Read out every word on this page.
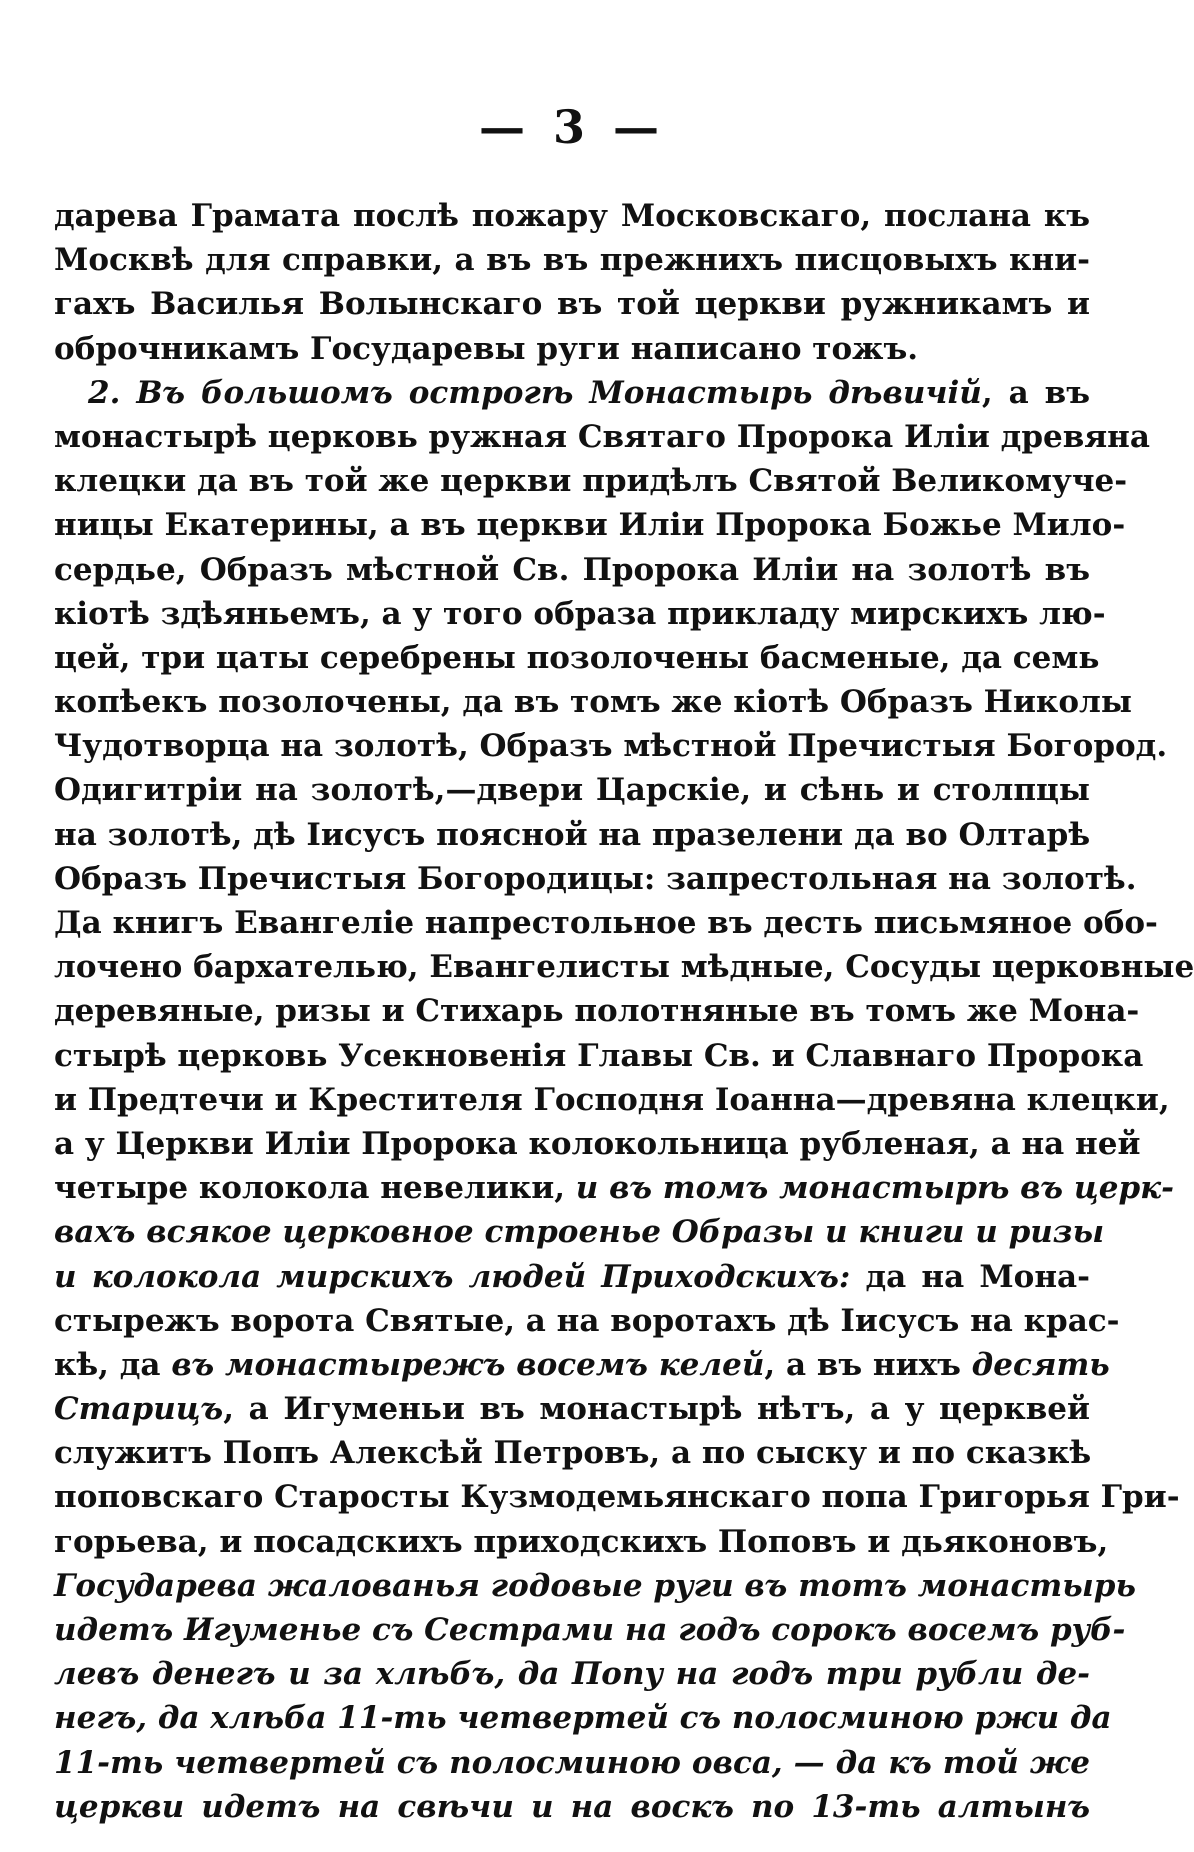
— 3 —
дарева Грамата послѣ пожару Московскаго, послана къ
Москвѣ для справки, а въ въ прежнихъ писцовыхъ кни-
гахъ Василья Волынскаго въ той церкви ружникамъ и
оброчникамъ Государевы руги написано тожъ.
2. Въ большомъ острогѣ Монастырь дѣвичiй, а въ
монастырѣ церковь ружная Святаго Пророка Илiи древяна
клецки да въ той же церкви придѣлъ Святой Великомуче-
ницы Екатерины, а въ церкви Илiи Пророка Божье Мило-
сердье, Образъ мѣстной Св. Пророка Илiи на золотѣ въ
кiотѣ здѣяньемъ, а у того образа прикладу мирскихъ лю-
цей, три цаты серебрены позолочены басменые, да семь
копѣекъ позолочены, да въ томъ же кiотѣ Образъ Николы
Чудотворца на золотѣ, Образъ мѣстной Пречистыя Богород.
Одигитрiи на золотѣ,—двери Царскiе, и сѣнь и столпцы
на золотѣ, дѣ Iисусъ поясной на празелени да во Олтарѣ
Образъ Пречистыя Богородицы: запрестольная на золотѣ.
Да книгъ Евангелiе напрестольное въ десть письмяное обо-
лочено бархателью, Евангелисты мѣдные, Сосуды церковные
деревяные, ризы и Стихарь полотняные въ томъ же Мона-
стырѣ церковь Усекновенiя Главы Св. и Славнаго Пророка
и Предтечи и Крестителя Господня Iоанна—древяна клецки,
а у Церкви Илiи Пророка колокольница рубленая, а на ней
четыре колокола невелики, и въ томъ монастырѣ въ церк-
вахъ всякое церковное строенье Образы и книги и ризы
и колокола мирскихъ людей Приходскихъ: да на Мона-
стырежъ ворота Святые, а на воротахъ дѣ Iисусъ на крас-
кѣ, да въ монастырежъ восемъ келей, а въ нихъ десять
Старицъ, а Игуменьи въ монастырѣ нѣтъ, а у церквей
служитъ Попъ Алексѣй Петровъ, а по сыску и по сказкѣ
поповскаго Старосты Кузмодемьянскаго попа Григорья Гри-
горьева, и посадскихъ приходскихъ Поповъ и дьяконовъ,
Государева жалованья годовые руги въ тотъ монастырь
идетъ Игуменье съ Сестрами на годъ сорокъ восемъ руб-
левъ денегъ и за хлѣбъ, да Попу на годъ три рубли де-
негъ, да хлѣба 11-ть четвертей съ полосминою ржи да
11-ть четвертей съ полосминою овса, — да къ той же
церкви идетъ на свѣчи и на воскъ по 13-ть алтынъ
